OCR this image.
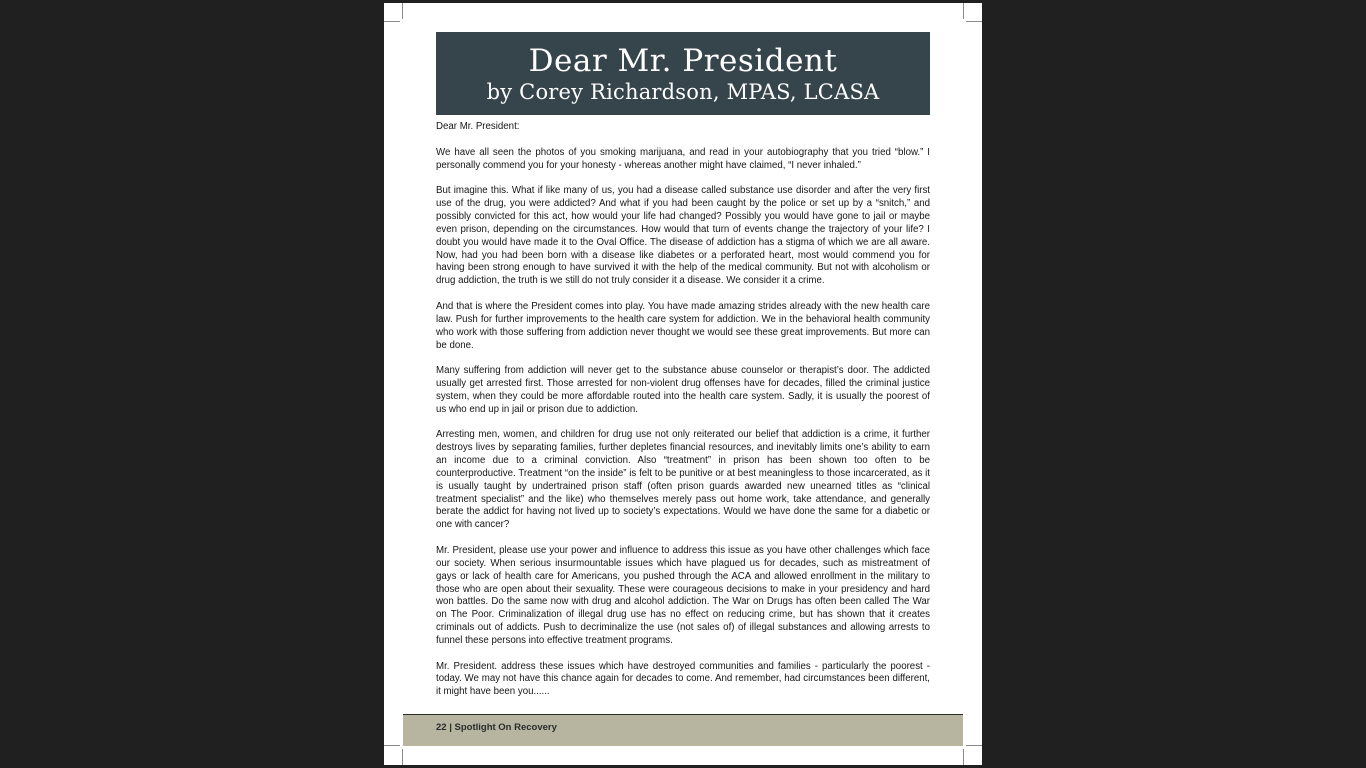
Dear Mr. President
by Corey Richardson, MPAS, LCASA

Dear Mr. President:

We have all seen the photos of you smoking marijuana, and read in your autobiography that you tried “blow.” I personally commend you for your honesty - whereas another might have claimed, “I never inhaled.”

But imagine this. What if like many of us, you had a disease called substance use disorder and after the very first use of the drug, you were addicted? And what if you had been caught by the police or set up by a “snitch,” and possibly convicted for this act, how would your life had changed? Possibly you would have gone to jail or maybe even prison, depending on the circumstances. How would that turn of events change the trajectory of your life? I doubt you would have made it to the Oval Office. The disease of addiction has a stigma of which we are all aware. Now, had you had been born with a disease like diabetes or a perforated heart, most would commend you for having been strong enough to have survived it with the help of the medical community. But not with alcoholism or drug addiction, the truth is we still do not truly consider it a disease. We consider it a crime.

And that is where the President comes into play. You have made amazing strides already with the new health care law. Push for further improvements to the health care system for addiction. We in the behavioral health community who work with those suffering from addiction never thought we would see these great improvements. But more can be done.

Many suffering from addiction will never get to the substance abuse counselor or therapist’s door. The addicted usually get arrested first. Those arrested for non-violent drug offenses have for decades, filled the criminal justice system, when they could be more affordable routed into the health care system. Sadly, it is usually the poorest of us who end up in jail or prison due to addiction.

Arresting men, women, and children for drug use not only reiterated our belief that addiction is a crime, it further destroys lives by separating families, further depletes financial resources, and inevitably limits one’s ability to earn an income due to a criminal conviction. Also “treatment” in prison has been shown too often to be counterproductive. Treatment “on the inside” is felt to be punitive or at best meaningless to those incarcerated, as it is usually taught by undertrained prison staff (often prison guards awarded new unearned titles as “clinical treatment specialist” and the like) who themselves merely pass out home work, take attendance, and generally berate the addict for having not lived up to society’s expectations. Would we have done the same for a diabetic or one with cancer?

Mr. President, please use your power and influence to address this issue as you have other challenges which face our society. When serious insurmountable issues which have plagued us for decades, such as mistreatment of gays or lack of health care for Americans, you pushed through the ACA and allowed enrollment in the military to those who are open about their sexuality. These were courageous decisions to make in your presidency and hard won battles. Do the same now with drug and alcohol addiction. The War on Drugs has often been called The War on The Poor. Criminalization of illegal drug use has no effect on reducing crime, but has shown that it creates criminals out of addicts. Push to decriminalize the use (not sales of) of illegal substances and allowing arrests to funnel these persons into effective treatment programs.

Mr. President. address these issues which have destroyed communities and families - particularly the poorest - today. We may not have this chance again for decades to come. And remember, had circumstances been different, it might have been you......

22 | Spotlight On Recovery
